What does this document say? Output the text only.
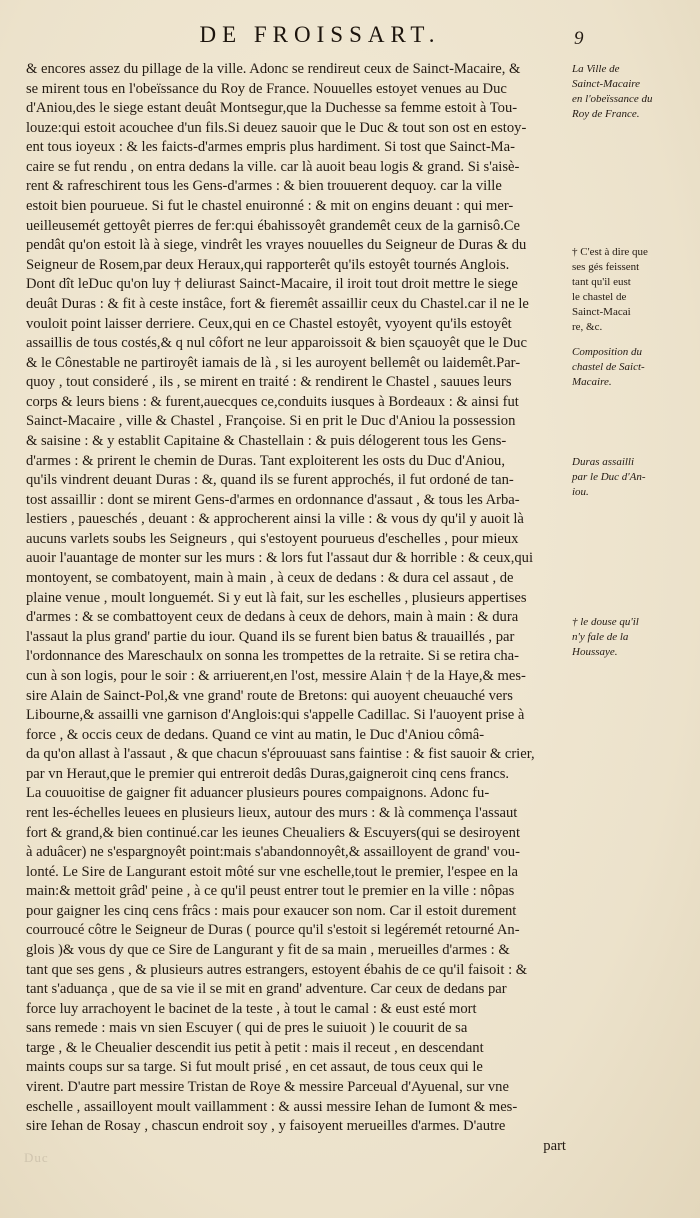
DE FROISSART.	9
& encores assez du pillage de la ville. Adonc se rendireut ceux de Sainct-Macaire, &
se mirent tous en l'obeïssance du Roy de France. Nouuelles estoyet venues au Duc
d'Aniou,des le siege estant deuât Montsegur,que la Duchesse sa femme estoit à Tou-
louze:qui estoit acouchee d'un fils.Si deuez sauoir que le Duc & tout son ost en estoy-
ent tous ioyeux : & les faicts-d'armes empris plus hardiment. Si tost que Sainct-Ma-
caire se fut rendu , on entra dedans la ville. car là auoit beau logis & grand. Si s'aisè-
rent & rafreschirent tous les Gens-d'armes : & bien trouuerent dequoy. car la ville
estoit bien pourueue. Si fut le chastel enuironné : & mit on engins deuant : qui mer-
ueilleusemét gettoyêt pierres de fer:qui ébahissoyêt grandemêt ceux de la garnisô.Ce
pendât qu'on estoit là à siege, vindrêt les vrayes nouuelles du Seigneur de Duras & du
Seigneur de Rosem,par deux Heraux,qui rapporterêt qu'ils estoyêt tournés Anglois.
Dont dît leDuc qu'on luy † deliurast Sainct-Macaire, il iroit tout droit mettre le siege
deuât Duras : & fit à ceste instâce, fort & fieremêt assaillir ceux du Chastel.car il ne le
vouloit point laisser derriere. Ceux,qui en ce Chastel estoyêt, vyoyent qu'ils estoyêt
assaillis de tous costés,& q nul côfort ne leur apparoissoit & bien sçauoyêt que le Duc
& le Cônestable ne partiroyêt iamais de là , si les auroyent bellemêt ou laidemêt.Par-
quoy , tout consideré , ils , se mirent en traité : & rendirent le Chastel , sauues leurs
corps & leurs biens : & furent,auecques ce,conduits iusques à Bordeaux : & ainsi fut
Sainct-Macaire , ville & Chastel , Françoise. Si en prit le Duc d'Aniou la possession
& saisine : & y establit Capitaine & Chastellain : & puis délogerent tous les Gens-
d'armes : & prirent le chemin de Duras. Tant exploiterent les osts du Duc d'Aniou,
qu'ils vindrent deuant Duras : &, quand ils se furent approchés, il fut ordoné de tan-
tost assaillir : dont se mirent Gens-d'armes en ordonnance d'assaut , & tous les Arba-
lestiers , paueschés , deuant : & approcherent ainsi la ville : & vous dy qu'il y auoit là
aucuns varlets soubs les Seigneurs , qui s'estoyent pourueus d'eschelles , pour mieux
auoir l'auantage de monter sur les murs : & lors fut l'assaut dur & horrible : & ceux,qui
montoyent, se combatoyent, main à main , à ceux de dedans : & dura cel assaut , de
plaine venue , moult longuemét. Si y eut là fait, sur les eschelles , plusieurs appertises
d'armes : & se combattoyent ceux de dedans à ceux de dehors, main à main : & dura
l'assaut la plus grand' partie du iour. Quand ils se furent bien batus & trauaillés , par
l'ordonnance des Mareschaulx on sonna les trompettes de la retraite. Si se retira cha-
cun à son logis, pour le soir : & arriuerent,en l'ost, messire Alain † de la Haye,& mes-
sire Alain de Sainct-Pol,& vne grand' route de Bretons: qui auoyent cheuauché vers
Libourne,& assailli vne garnison d'Anglois:qui s'appelle Cadillac. Si l'auoyent prise à
force , & occis ceux de dedans. Quand ce vint au matin, le Duc d'Aniou cômâ-
da qu'on allast à l'assaut , & que chacun s'éprouuast sans faintise : & fist sauoir & crier,
par vn Heraut,que le premier qui entreroit dedâs Duras,gaigneroit cinq cens francs.
La couuoitise de gaigner fit aduancer plusieurs poures compaignons. Adonc fu-
rent les-échelles leuees en plusieurs lieux, autour des murs : & là commença l'assaut
fort & grand,& bien continué.car les ieunes Cheualiers & Escuyers(qui se desiroyent
à aduâcer) ne s'espargnoyêt point:mais s'abandonnoyêt,& assailloyent de grand' vou-
lonté. Le Sire de Langurant estoit môté sur vne eschelle,tout le premier, l'espee en la
main:& mettoit grâd' peine , à ce qu'il peust entrer tout le premier en la ville : nôpas
pour gaigner les cinq cens frâcs : mais pour exaucer son nom. Car il estoit durement
courroucé côtre le Seigneur de Duras ( pource qu'il s'estoit si legéremét retourné An-
glois )& vous dy que ce Sire de Langurant y fit de sa main , merueilles d'armes : &
tant que ses gens , & plusieurs autres estrangers, estoyent ébahis de ce qu'il faisoit : &
tant s'aduança , que de sa vie il se mit en grand' adventure. Car ceux de dedans par
force luy arrachoyent le bacinet de la teste , à tout le camal : & eust esté mort
sans remede : mais vn sien Escuyer ( qui de pres le suiuoit ) le couurit de sa
targe , & le Cheualier descendit ius petit à petit : mais il receut , en descendant
maints coups sur sa targe. Si fut moult prisé , en cet assaut, de tous ceux qui le
virent. D'autre part messire Tristan de Roye & messire Parceual d'Ayuenal, sur vne
eschelle , assailloyent moult vaillamment : & aussi messire Iehan de Iumont & mes-
sire Iehan de Rosay , chascun endroit soy , y faisoyent merueilles d'armes. D'autre
part
La Ville de
Sainct-Macaire
en l'obeïssance du
Roy de France.
† C'est à dire que
ses gés feissent
tant qu'il eust
le chastel de
Sainct-Macai
re, &c.
Composition du
chastel de Saict-
Macaire.
Duras assailli
par le Duc d'An-
iou.
† le douse qu'il
n'y fale de la
Houssaye.
Duc
